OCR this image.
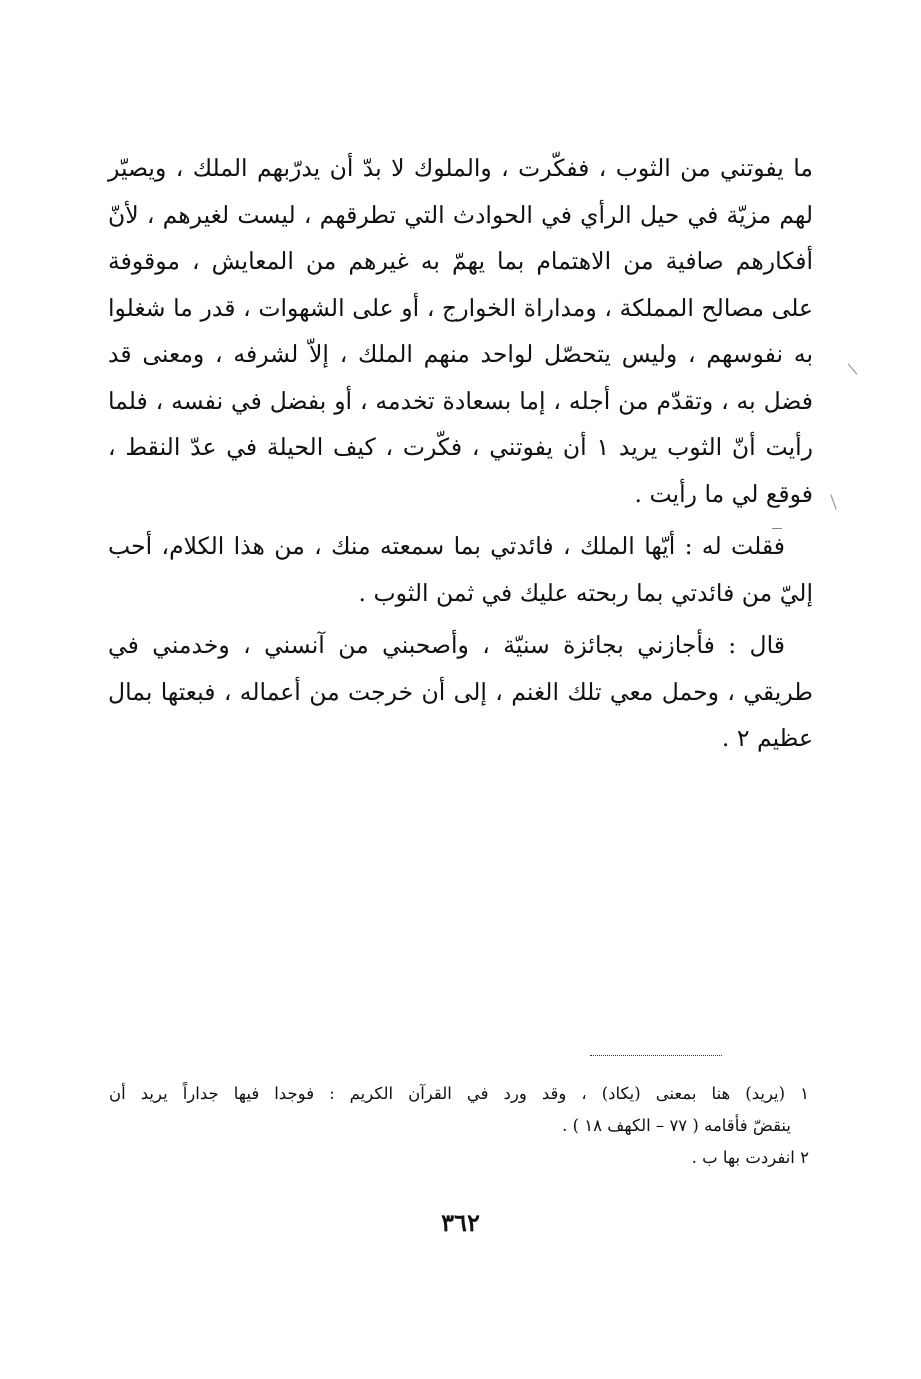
ما يفوتني من الثوب ، ففكّرت ، والملوك لا بدّ أن يدرّبهم الملك ، ويصيّر
لهم مزيّة في حيل الرأي في الحوادث التي تطرقهم ، ليست لغيرهم ، لأنّ
أفكارهم صافية من الاهتمام بما يهمّ به غيرهم من المعايش ، موقوفة
على مصالح المملكة ، ومداراة الخوارج ، أو على الشهوات ، قدر ما شغلوا
به نفوسهم ، وليس يتحصّل لواحد منهم الملك ، إلاّ لشرفه ، ومعنى قد
فضل به ، وتقدّم من أجله ، إما بسعادة تخدمه ، أو بفضل في نفسه ، فلما
رأيت أنّ الثوب يريد ١ أن يفوتني ، فكّرت ، كيف الحيلة في عدّ النقط ،
فوقع لي ما رأيت .
فقلت له : أيّها الملك ، فائدتي بما سمعته منك ، من هذا الكلام، أحب
إليّ من فائدتي بما ربحته عليك في ثمن الثوب .
قال : فأجازني بجائزة سنيّة ، وأصحبني من آنسني ، وخدمني في
طريقي ، وحمل معي تلك الغنم ، إلى أن خرجت من أعماله ، فبعتها بمال
عظيم ٢ .
١ (يريد) هنا بمعنى (يكاد) ، وقد ورد في القرآن الكريم : فوجدا فيها جداراً يريد أن
ينقضّ فأقامه ( ٧٧ – الكهف ١٨ ) .
٢ انفردت بها ب .
٣٦٢
